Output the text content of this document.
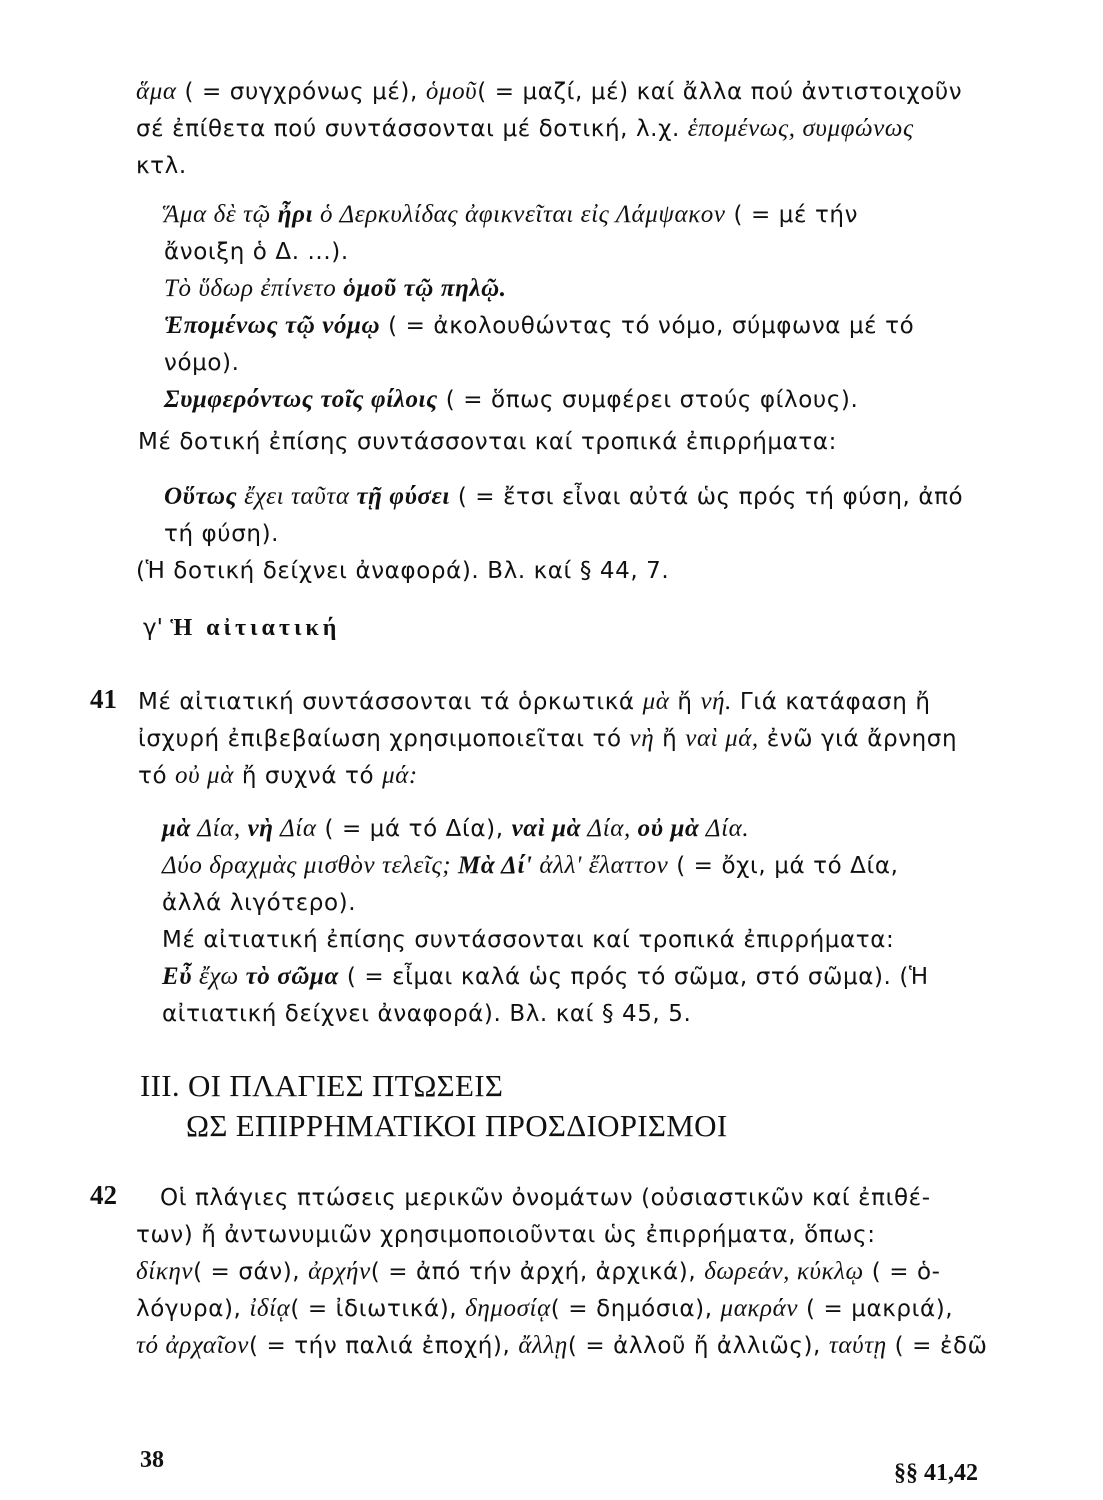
ἅμα ( = συγχρόνως μέ), ὁμοῦ( = μαζί, μέ) καί ἄλλα πού ἀντιστοιχοῦν
σέ ἐπίθετα πού συντάσσονται μέ δοτική, λ.χ. ἑπομένως, συμφώνως
κτλ.
Ἅμα δὲ τῷ ἦρι ὁ Δερκυλίδας ἀφικνεῖται εἰς Λάμψακον ( = μέ τήν
ἄνοιξη ὁ Δ. ...).
Τὸ ὕδωρ ἐπίνετο ὁμοῦ τῷ πηλῷ.
Ἑπομένως τῷ νόμῳ ( = ἀκολουθώντας τό νόμο, σύμφωνα μέ τό
νόμο).
Συμφερόντως τοῖς φίλοις ( = ὅπως συμφέρει στούς φίλους).
Μέ δοτική ἐπίσης συντάσσονται καί τροπικά ἐπιρρήματα:
Οὕτως ἔχει ταῦτα τῇ φύσει ( = ἔτσι εἶναι αὐτά ὡς πρός τή φύση, ἀπό
τή φύση).
(Ἡ δοτική δείχνει ἀναφορά). Βλ. καί § 44, 7.
γ' Ἡ αἰτιατική
41 Μέ αἰτιατική συντάσσονται τά ὁρκωτικά μὰ ἤ νή. Γιά κατάφαση ἤ
ἰσχυρή ἐπιβεβαίωση χρησιμοποιεῖται τό νὴ ἤ ναὶ μά, ἐνῶ γιά ἄρνηση
τό οὐ μὰ ἤ συχνά τό μά:
μὰ Δία, νὴ Δία ( = μά τό Δία), ναὶ μὰ Δία, οὐ μὰ Δία.
Δύο δραχμὰς μισθὸν τελεῖς; Μὰ Δί' ἀλλ' ἔλαττον ( = ὄχι, μά τό Δία,
ἀλλά λιγότερο).
Μέ αἰτιατική ἐπίσης συντάσσονται καί τροπικά ἐπιρρήματα:
Εὖ ἔχω τὸ σῶμα ( = εἶμαι καλά ὡς πρός τό σῶμα, στό σῶμα). (Ἡ
αἰτιατική δείχνει ἀναφορά). Βλ. καί § 45, 5.
III. ΟΙ ΠΛΑΓΙΕΣ ΠΤΩΣΕΙΣ
ΩΣ ΕΠΙΡΡΗΜΑΤΙΚΟΙ ΠΡΟΣΔΙΟΡΙΣΜΟΙ
42 Οἱ πλάγιες πτώσεις μερικῶν ὀνομάτων (οὐσιαστικῶν καί ἐπιθέ-
των) ἤ ἀντωνυμιῶν χρησιμοποιοῦνται ὡς ἐπιρρήματα, ὅπως:
δίκην( = σάν), ἀρχήν( = ἀπό τήν ἀρχή, ἀρχικά), δωρεάν, κύκλῳ ( = ὁ-
λόγυρα), ἰδίᾳ( = ἰδιωτικά), δημοσίᾳ( = δημόσια), μακράν ( = μακριά),
τό ἀρχαῖον( = τήν παλιά ἐποχή), ἄλλῃ( = ἀλλοῦ ἤ ἀλλιῶς), ταύτῃ ( = ἐδῶ
38	§§ 41,42
